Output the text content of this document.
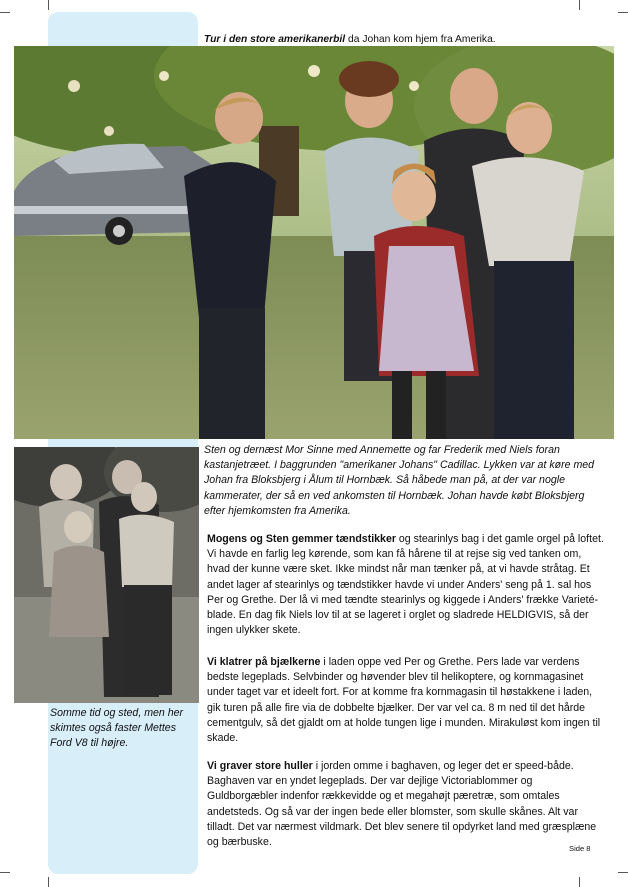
Tur i den store amerikanerbil da Johan kom hjem fra Amerika.
Sten og dernæst Mor Sinne med Annemette og far Frederik med Niels foran kastanjetræet. I baggrunden "amerikaner Johans" Cadillac. Lykken var at køre med Johan fra Bloksbjerg i Ålum til Hornbæk. Så håbede man på, at der var nogle kammerater, der så en ved ankomsten til Hornbæk. Johan havde købt Bloksbjerg efter hjemkomsten fra Amerika.
Somme tid og sted, men her skimtes også faster Mettes Ford V8 til højre.

Mogens og Sten gemmer tændstikker og stearinlys bag i det gamle orgel på loftet. Vi havde en farlig leg kørende, som kan få hårene til at rejse sig ved tanken om, hvad der kunne være sket. Ikke mindst når man tænker på, at vi havde stråtag. Et andet lager af stearinlys og tændstikker havde vi under Anders' seng på 1. sal hos Per og Grethe. Der lå vi med tændte stearinlys og kiggede i Anders' frække Varieté-blade. En dag fik Niels lov til at se lageret i orglet og sladrede HELDIGVIS, så der ingen ulykker skete.

Vi klatrer på bjælkerne i laden oppe ved Per og Grethe. Pers lade var verdens bedste legeplads. Selvbinder og høvender blev til helikoptere, og kornmagasinet under taget var et ideelt fort. For at komme fra kornmagasin til høstakkene i laden, gik turen på alle fire via de dobbelte bjælker. Der var vel ca. 8 m ned til det hårde cementgulv, så det gjaldt om at holde tungen lige i munden. Mirakuløst kom ingen til skade.

Vi graver store huller i jorden omme i baghaven, og leger det er speed-både. Baghaven var en yndet legeplads. Der var dejlige Victoriablommer og Guldborgæbler indenfor rækkevidde og et megahøjt pæretræ, som omtales andetsteds. Og så var der ingen bede eller blomster, som skulle skånes. Alt var tilladt. Det var nærmest vildmark. Det blev senere til opdyrket land med græsplæne og bærbuske.

Side 8
